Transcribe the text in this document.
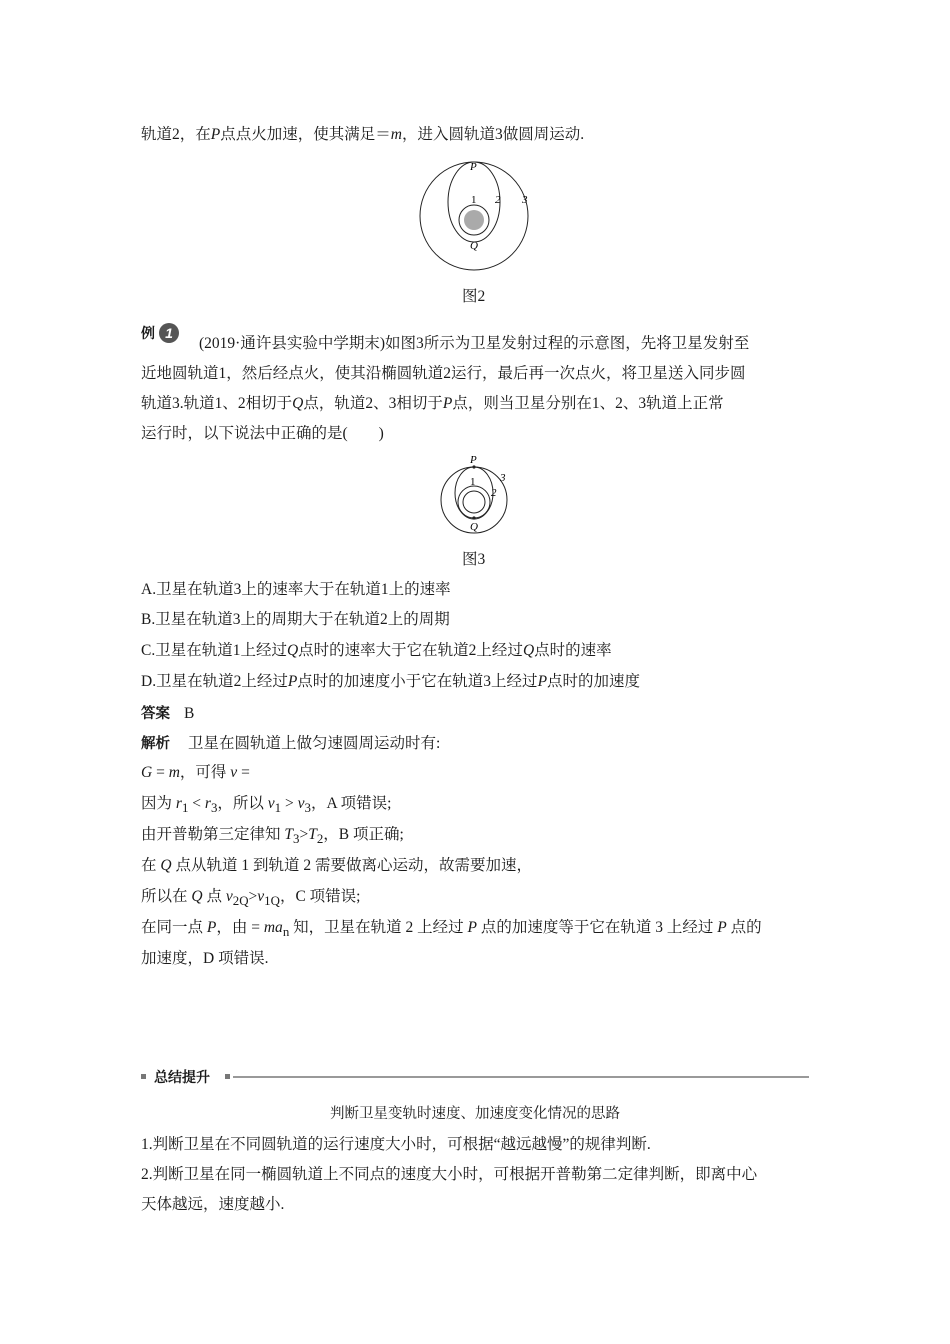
轨道2，在P点点火加速，使其满足＝m，进入圆轨道3做圆周运动.
P
1 2 3
Q
图2
例 1
(2019·通许县实验中学期末)如图3所示为卫星发射过程的示意图，先将卫星发射至
近地圆轨道1，然后经点火，使其沿椭圆轨道2运行，最后再一次点火，将卫星送入同步圆
轨道3.轨道1、2相切于Q点，轨道2、3相切于P点，则当卫星分别在1、2、3轨道上正常
运行时，以下说法中正确的是(　　)
P
1
2
3
Q
图3
A.卫星在轨道3上的速率大于在轨道1上的速率
B.卫星在轨道3上的周期大于在轨道2上的周期
C.卫星在轨道1上经过Q点时的速率大于它在轨道2上经过Q点时的速率
D.卫星在轨道2上经过P点时的加速度小于它在轨道3上经过P点时的加速度
答案 B
解析 卫星在圆轨道上做匀速圆周运动时有:
G = m，可得 v =
因为 $r_1 < r_3$，所以 $v_1 > v_3$，A 项错误;
由开普勒第三定律知 $T_3>T_2$，B 项正确;
在 Q 点从轨道 1 到轨道 2 需要做离心运动，故需要加速，
所以在 Q 点 $v_{2Q}>v_{1Q}$，C 项错误;
在同一点 P，由 = $ma_n$ 知，卫星在轨道 2 上经过 P 点的加速度等于它在轨道 3 上经过 P 点的
加速度，D 项错误.
总结提升
判断卫星变轨时速度、加速度变化情况的思路
1.判断卫星在不同圆轨道的运行速度大小时，可根据“越远越慢”的规律判断.
2.判断卫星在同一椭圆轨道上不同点的速度大小时，可根据开普勒第二定律判断，即离中心
天体越远，速度越小.
